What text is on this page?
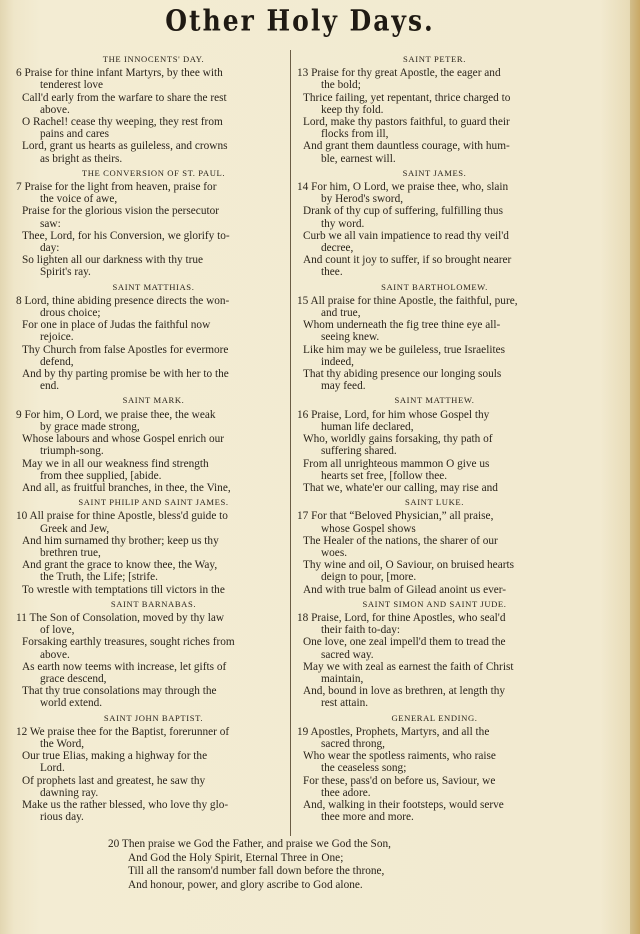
Other Holy Days.
THE INNOCENTS' DAY.
6 Praise for thine infant Martyrs, by thee with
tenderest love
Call'd early from the warfare to share the rest
above.
O Rachel! cease thy weeping, they rest from
pains and cares
Lord, grant us hearts as guileless, and crowns
as bright as theirs.
THE CONVERSION OF ST. PAUL.
7 Praise for the light from heaven, praise for
the voice of awe,
Praise for the glorious vision the persecutor
saw:
Thee, Lord, for his Conversion, we glorify to-
day:
So lighten all our darkness with thy true
Spirit's ray.
SAINT MATTHIAS.
8 Lord, thine abiding presence directs the won-
drous choice;
For one in place of Judas the faithful now
rejoice.
Thy Church from false Apostles for evermore
defend,
And by thy parting promise be with her to the
end.
SAINT MARK.
9 For him, O Lord, we praise thee, the weak
by grace made strong,
Whose labours and whose Gospel enrich our
triumph-song.
May we in all our weakness find strength
from thee supplied, [abide.
And all, as fruitful branches, in thee, the Vine,
SAINT PHILIP AND SAINT JAMES.
10 All praise for thine Apostle, bless'd guide to
Greek and Jew,
And him surnamed thy brother; keep us thy
brethren true,
And grant the grace to know thee, the Way,
the Truth, the Life; [strife.
To wrestle with temptations till victors in the
SAINT BARNABAS.
11 The Son of Consolation, moved by thy law
of love,
Forsaking earthly treasures, sought riches from
above.
As earth now teems with increase, let gifts of
grace descend,
That thy true consolations may through the
world extend.
SAINT JOHN BAPTIST.
12 We praise thee for the Baptist, forerunner of
the Word,
Our true Elias, making a highway for the
Lord.
Of prophets last and greatest, he saw thy
dawning ray.
Make us the rather blessed, who love thy glo-
rious day.
SAINT PETER.
13 Praise for thy great Apostle, the eager and
the bold;
Thrice failing, yet repentant, thrice charged to
keep thy fold.
Lord, make thy pastors faithful, to guard their
flocks from ill,
And grant them dauntless courage, with hum-
ble, earnest will.
SAINT JAMES.
14 For him, O Lord, we praise thee, who, slain
by Herod's sword,
Drank of thy cup of suffering, fulfilling thus
thy word.
Curb we all vain impatience to read thy veil'd
decree,
And count it joy to suffer, if so brought nearer
thee.
SAINT BARTHOLOMEW.
15 All praise for thine Apostle, the faithful, pure,
and true,
Whom underneath the fig tree thine eye all-
seeing knew.
Like him may we be guileless, true Israelites
indeed,
That thy abiding presence our longing souls
may feed.
SAINT MATTHEW.
16 Praise, Lord, for him whose Gospel thy
human life declared,
Who, worldly gains forsaking, thy path of
suffering shared.
From all unrighteous mammon O give us
hearts set free, [follow thee.
That we, whate'er our calling, may rise and
SAINT LUKE.
17 For that “Beloved Physician,” all praise,
whose Gospel shows
The Healer of the nations, the sharer of our
woes.
Thy wine and oil, O Saviour, on bruised hearts
deign to pour, [more.
And with true balm of Gilead anoint us ever-
SAINT SIMON AND SAINT JUDE.
18 Praise, Lord, for thine Apostles, who seal'd
their faith to-day:
One love, one zeal impell'd them to tread the
sacred way.
May we with zeal as earnest the faith of Christ
maintain,
And, bound in love as brethren, at length thy
rest attain.
GENERAL ENDING.
19 Apostles, Prophets, Martyrs, and all the
sacred throng,
Who wear the spotless raiments, who raise
the ceaseless song;
For these, pass'd on before us, Saviour, we
thee adore.
And, walking in their footsteps, would serve
thee more and more.
20 Then praise we God the Father, and praise we God the Son,
And God the Holy Spirit, Eternal Three in One;
Till all the ransom'd number fall down before the throne,
And honour, power, and glory ascribe to God alone.
